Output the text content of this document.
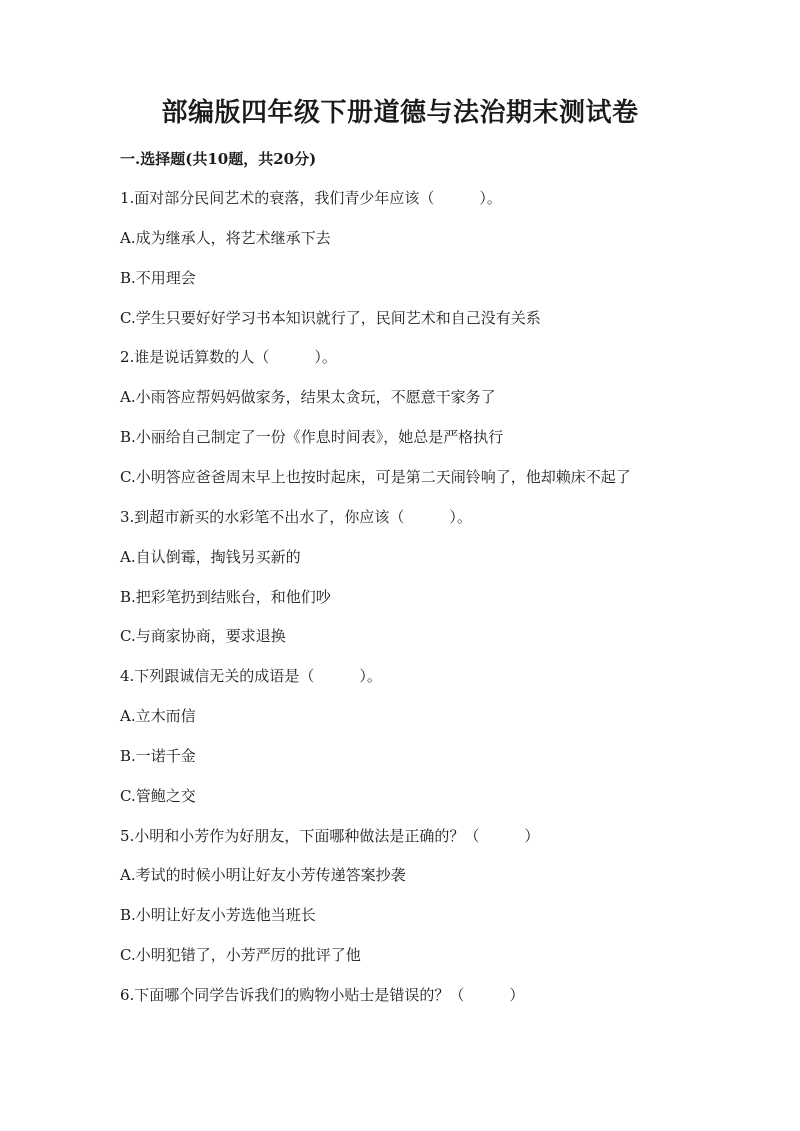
部编版四年级下册道德与法治期末测试卷
一.选择题(共10题，共20分)
1.面对部分民间艺术的衰落，我们青少年应该（　　　）。
A.成为继承人，将艺术继承下去
B.不用理会
C.学生只要好好学习书本知识就行了，民间艺术和自己没有关系
2.谁是说话算数的人（　　　）。
A.小雨答应帮妈妈做家务，结果太贪玩，不愿意干家务了
B.小丽给自己制定了一份《作息时间表》，她总是严格执行
C.小明答应爸爸周末早上也按时起床，可是第二天闹铃响了，他却赖床不起了
3.到超市新买的水彩笔不出水了，你应该（　　　）。
A.自认倒霉，掏钱另买新的
B.把彩笔扔到结账台，和他们吵
C.与商家协商，要求退换
4.下列跟诚信无关的成语是（　　　）。
A.立木而信
B.一诺千金
C.管鲍之交
5.小明和小芳作为好朋友，下面哪种做法是正确的？（　　　）
A.考试的时候小明让好友小芳传递答案抄袭
B.小明让好友小芳选他当班长
C.小明犯错了，小芳严厉的批评了他
6.下面哪个同学告诉我们的购物小贴士是错误的？（　　　）
